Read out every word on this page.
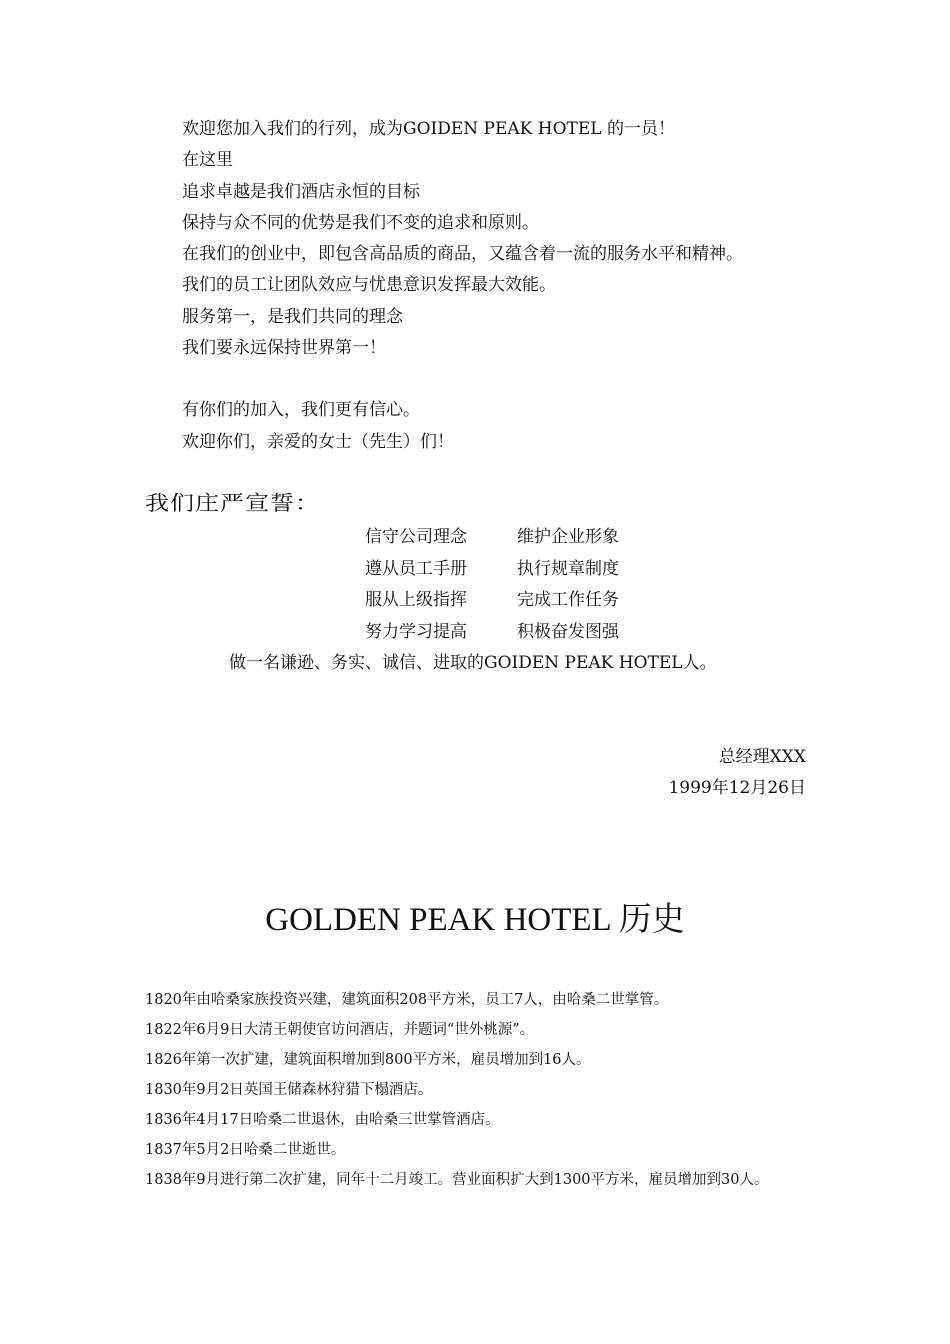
欢迎您加入我们的行列，成为GOIDEN PEAK HOTEL 的一员！
在这里
追求卓越是我们酒店永恒的目标
保持与众不同的优势是我们不变的追求和原则。
在我们的创业中，即包含高品质的商品，又蕴含着一流的服务水平和精神。
我们的员工让团队效应与忧患意识发挥最大效能。
服务第一，是我们共同的理念
我们要永远保持世界第一！
有你们的加入，我们更有信心。
欢迎你们，亲爱的女士（先生）们！
我们庄严宣誓：
信守公司理念	维护企业形象
遵从员工手册	执行规章制度
服从上级指挥	完成工作任务
努力学习提高	积极奋发图强
做一名谦逊、务实、诚信、进取的GOIDEN PEAK HOTEL人。
总经理XXX
1999年12月26日
GOLDEN PEAK HOTEL 历史
1820年由哈桑家族投资兴建，建筑面积208平方米，员工7人，由哈桑二世掌管。
1822年6月9日大清王朝使官访问酒店，并题词“世外桃源”。
1826年第一次扩建，建筑面积增加到800平方米，雇员增加到16人。
1830年9月2日英国王储森林狩猎下榻酒店。
1836年4月17日哈桑二世退休，由哈桑三世掌管酒店。
1837年5月2日哈桑二世逝世。
1838年9月进行第二次扩建，同年十二月竣工。营业面积扩大到1300平方米，雇员增加到30人。
